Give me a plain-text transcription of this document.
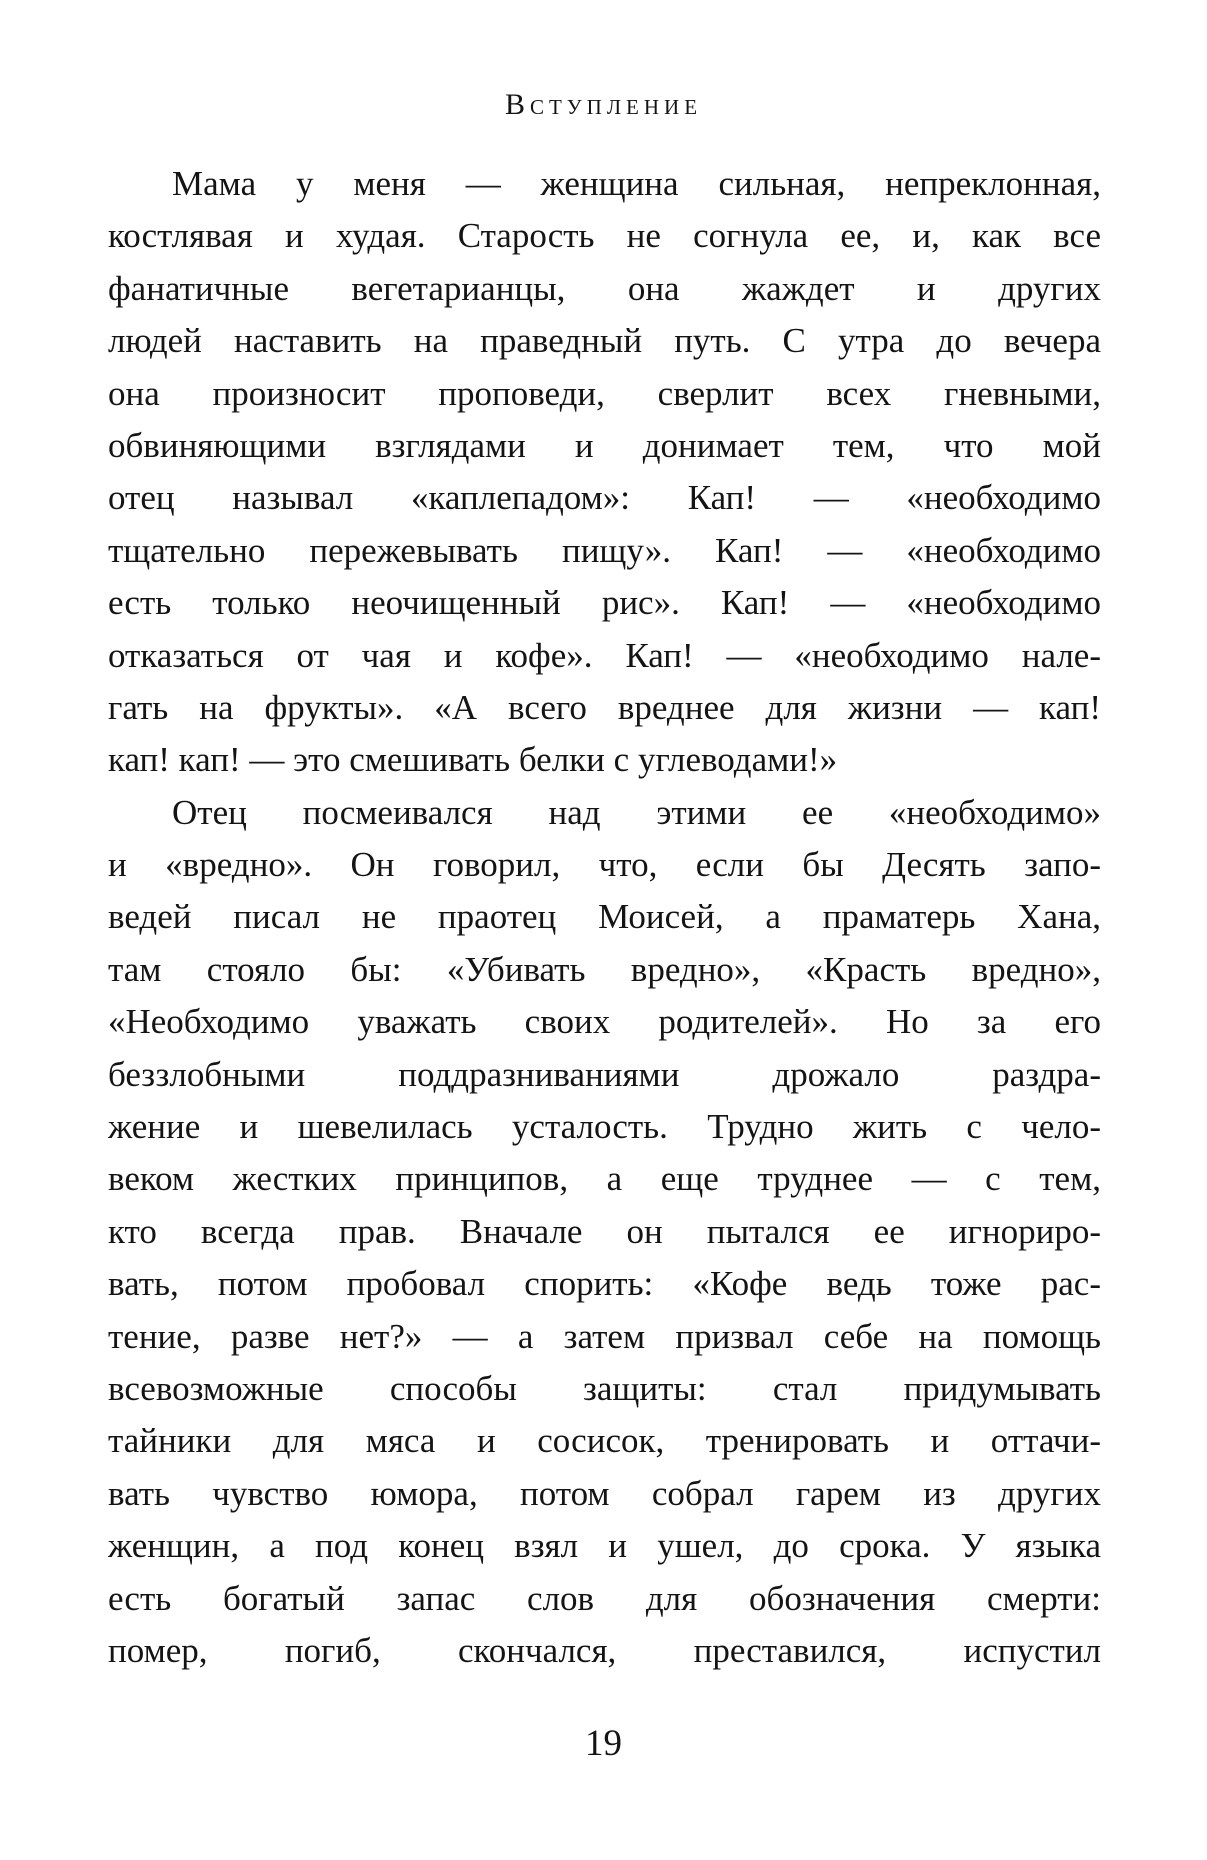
Вступление
Мама у меня — женщина сильная, непреклонная,
костлявая и худая. Старость не согнула ее, и, как все
фанатичные вегетарианцы, она жаждет и других
людей наставить на праведный путь. С утра до вечера
она произносит проповеди, сверлит всех гневными,
обвиняющими взглядами и донимает тем, что мой
отец называл «каплепадом»: Кап! — «необходимо
тщательно пережевывать пищу». Кап! — «необходимо
есть только неочищенный рис». Кап! — «необходимо
отказаться от чая и кофе». Кап! — «необходимо нале-
гать на фрукты». «А всего вреднее для жизни — кап!
кап! кап! — это смешивать белки с углеводами!»
Отец посмеивался над этими ее «необходимо»
и «вредно». Он говорил, что, если бы Десять запо-
ведей писал не праотец Моисей, а праматерь Хана,
там стояло бы: «Убивать вредно», «Красть вредно»,
«Необходимо уважать своих родителей». Но за его
беззлобными поддразниваниями дрожало раздра-
жение и шевелилась усталость. Трудно жить с чело-
веком жестких принципов, а еще труднее — с тем,
кто всегда прав. Вначале он пытался ее игнориро-
вать, потом пробовал спорить: «Кофе ведь тоже рас-
тение, разве нет?» — а затем призвал себе на помощь
всевозможные способы защиты: стал придумывать
тайники для мяса и сосисок, тренировать и оттачи-
вать чувство юмора, потом собрал гарем из других
женщин, а под конец взял и ушел, до срока. У языка
есть богатый запас слов для обозначения смерти:
помер, погиб, скончался, преставился, испустил
19
